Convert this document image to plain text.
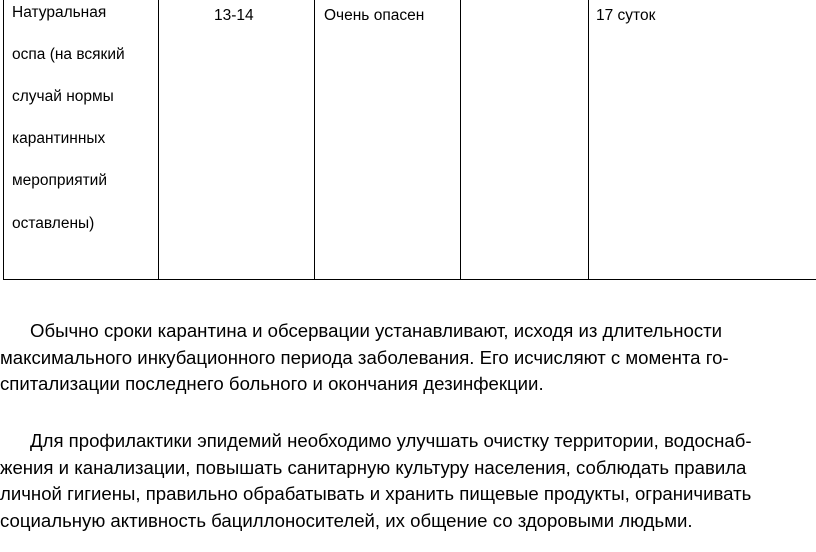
Натуральная
оспа (на всякий
случай нормы
карантинных
мероприятий
оставлены)

13-14	Очень опасен		17 суток

Обычно сроки карантина и обсервации устанавливают, исходя из длительности
максимального инкубационного периода заболевания. Его исчисляют с момента го-
спитализации последнего больного и окончания дезинфекции.

Для профилактики эпидемий необходимо улучшать очистку территории, водоснаб-
жения и канализации, повышать санитарную культуру населения, соблюдать правила
личной гигиены, правильно обрабатывать и хранить пищевые продукты, ограничивать
социальную активность бациллоносителей, их общение со здоровыми людьми.
